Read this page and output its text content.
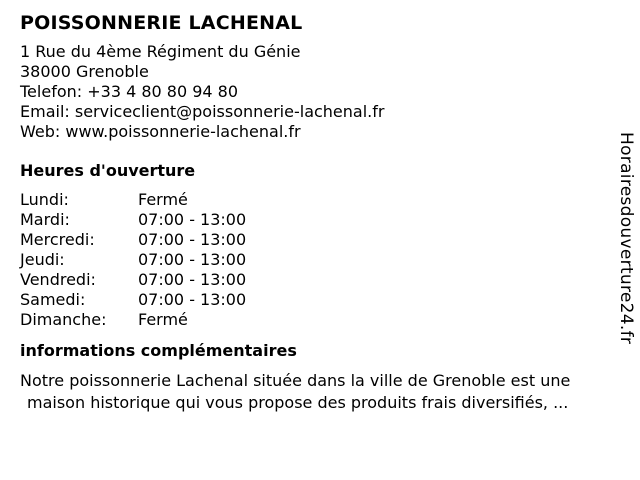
POISSONNERIE LACHENAL
1 Rue du 4ème Régiment du Génie
38000 Grenoble
Telefon: +33 4 80 80 94 80
Email: serviceclient@poissonnerie-lachenal.fr
Web: www.poissonnerie-lachenal.fr
Heures d'ouverture
Lundi:	Fermé
Mardi:	07:00 - 13:00
Mercredi:	07:00 - 13:00
Jeudi:	07:00 - 13:00
Vendredi:	07:00 - 13:00
Samedi:	07:00 - 13:00
Dimanche:	Fermé
informations complémentaires
Notre poissonnerie Lachenal située dans la ville de Grenoble est une
maison historique qui vous propose des produits frais diversifiés, ...
Horairesdouverture24.fr
